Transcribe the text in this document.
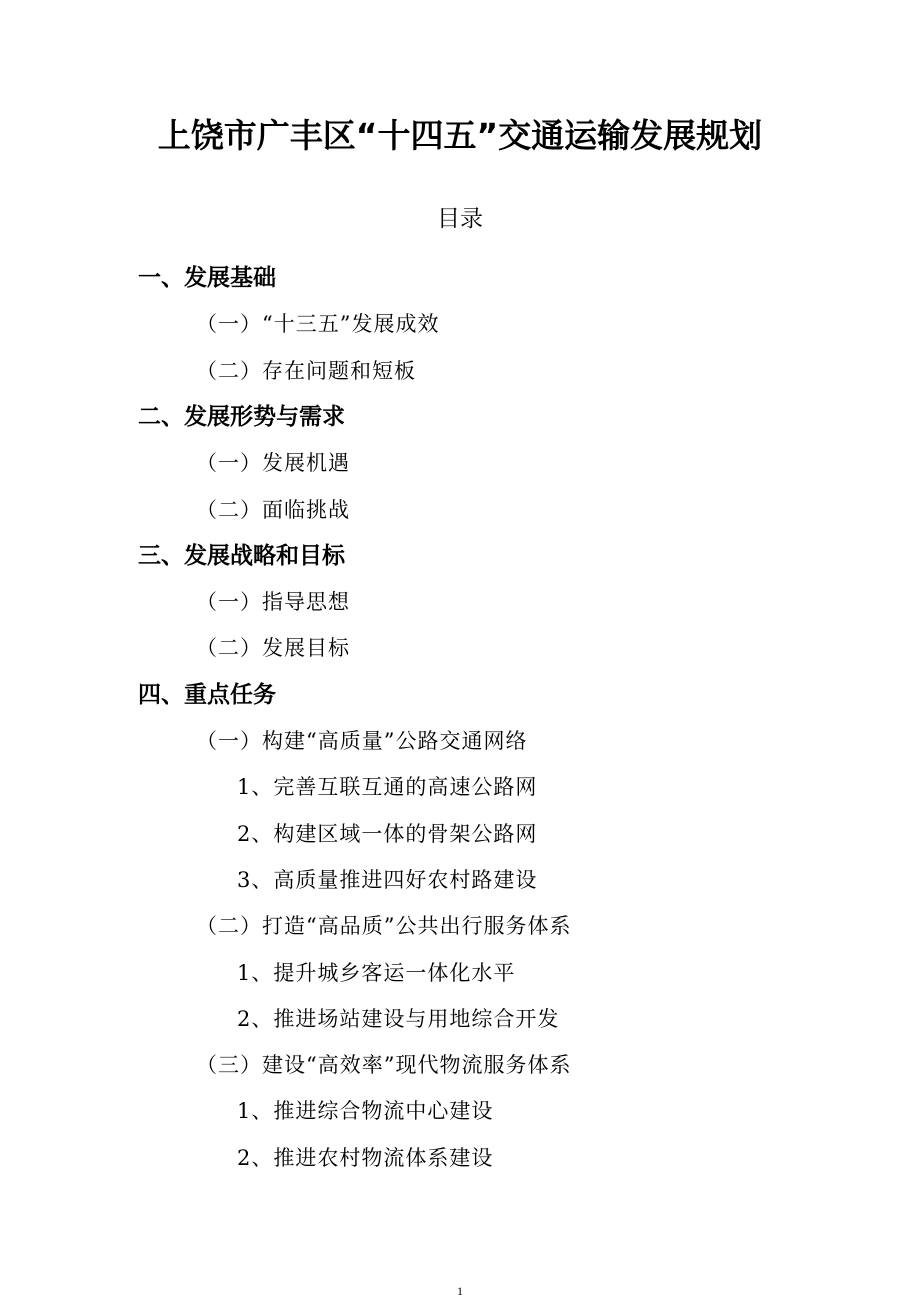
上饶市广丰区“十四五”交通运输发展规划
目录
一、发展基础
（一）“十三五”发展成效
（二）存在问题和短板
二、发展形势与需求
（一）发展机遇
（二）面临挑战
三、发展战略和目标
（一）指导思想
（二）发展目标
四、重点任务
（一）构建“高质量”公路交通网络
1、完善互联互通的高速公路网
2、构建区域一体的骨架公路网
3、高质量推进四好农村路建设
（二）打造“高品质”公共出行服务体系
1、提升城乡客运一体化水平
2、推进场站建设与用地综合开发
（三）建设“高效率”现代物流服务体系
1、推进综合物流中心建设
2、推进农村物流体系建设
1
